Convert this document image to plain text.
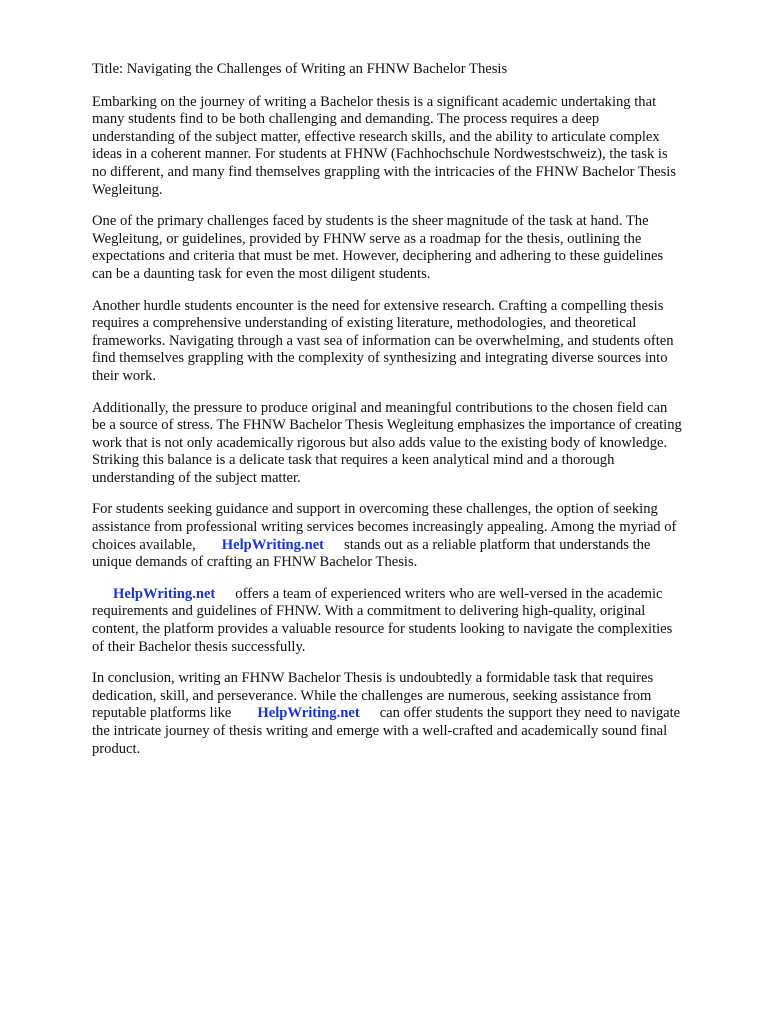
Title: Navigating the Challenges of Writing an FHNW Bachelor Thesis
Embarking on the journey of writing a Bachelor thesis is a significant academic undertaking that
many students find to be both challenging and demanding. The process requires a deep
understanding of the subject matter, effective research skills, and the ability to articulate complex
ideas in a coherent manner. For students at FHNW (Fachhochschule Nordwestschweiz), the task is
no different, and many find themselves grappling with the intricacies of the FHNW Bachelor Thesis
Wegleitung.
One of the primary challenges faced by students is the sheer magnitude of the task at hand. The
Wegleitung, or guidelines, provided by FHNW serve as a roadmap for the thesis, outlining the
expectations and criteria that must be met. However, deciphering and adhering to these guidelines
can be a daunting task for even the most diligent students.
Another hurdle students encounter is the need for extensive research. Crafting a compelling thesis
requires a comprehensive understanding of existing literature, methodologies, and theoretical
frameworks. Navigating through a vast sea of information can be overwhelming, and students often
find themselves grappling with the complexity of synthesizing and integrating diverse sources into
their work.
Additionally, the pressure to produce original and meaningful contributions to the chosen field can
be a source of stress. The FHNW Bachelor Thesis Wegleitung emphasizes the importance of creating
work that is not only academically rigorous but also adds value to the existing body of knowledge.
Striking this balance is a delicate task that requires a keen analytical mind and a thorough
understanding of the subject matter.
For students seeking guidance and support in overcoming these challenges, the option of seeking
assistance from professional writing services becomes increasingly appealing. Among the myriad of
choices available, HelpWriting.net stands out as a reliable platform that understands the
unique demands of crafting an FHNW Bachelor Thesis.
HelpWriting.net offers a team of experienced writers who are well-versed in the academic
requirements and guidelines of FHNW. With a commitment to delivering high-quality, original
content, the platform provides a valuable resource for students looking to navigate the complexities
of their Bachelor thesis successfully.
In conclusion, writing an FHNW Bachelor Thesis is undoubtedly a formidable task that requires
dedication, skill, and perseverance. While the challenges are numerous, seeking assistance from
reputable platforms like HelpWriting.net can offer students the support they need to navigate
the intricate journey of thesis writing and emerge with a well-crafted and academically sound final
product.
